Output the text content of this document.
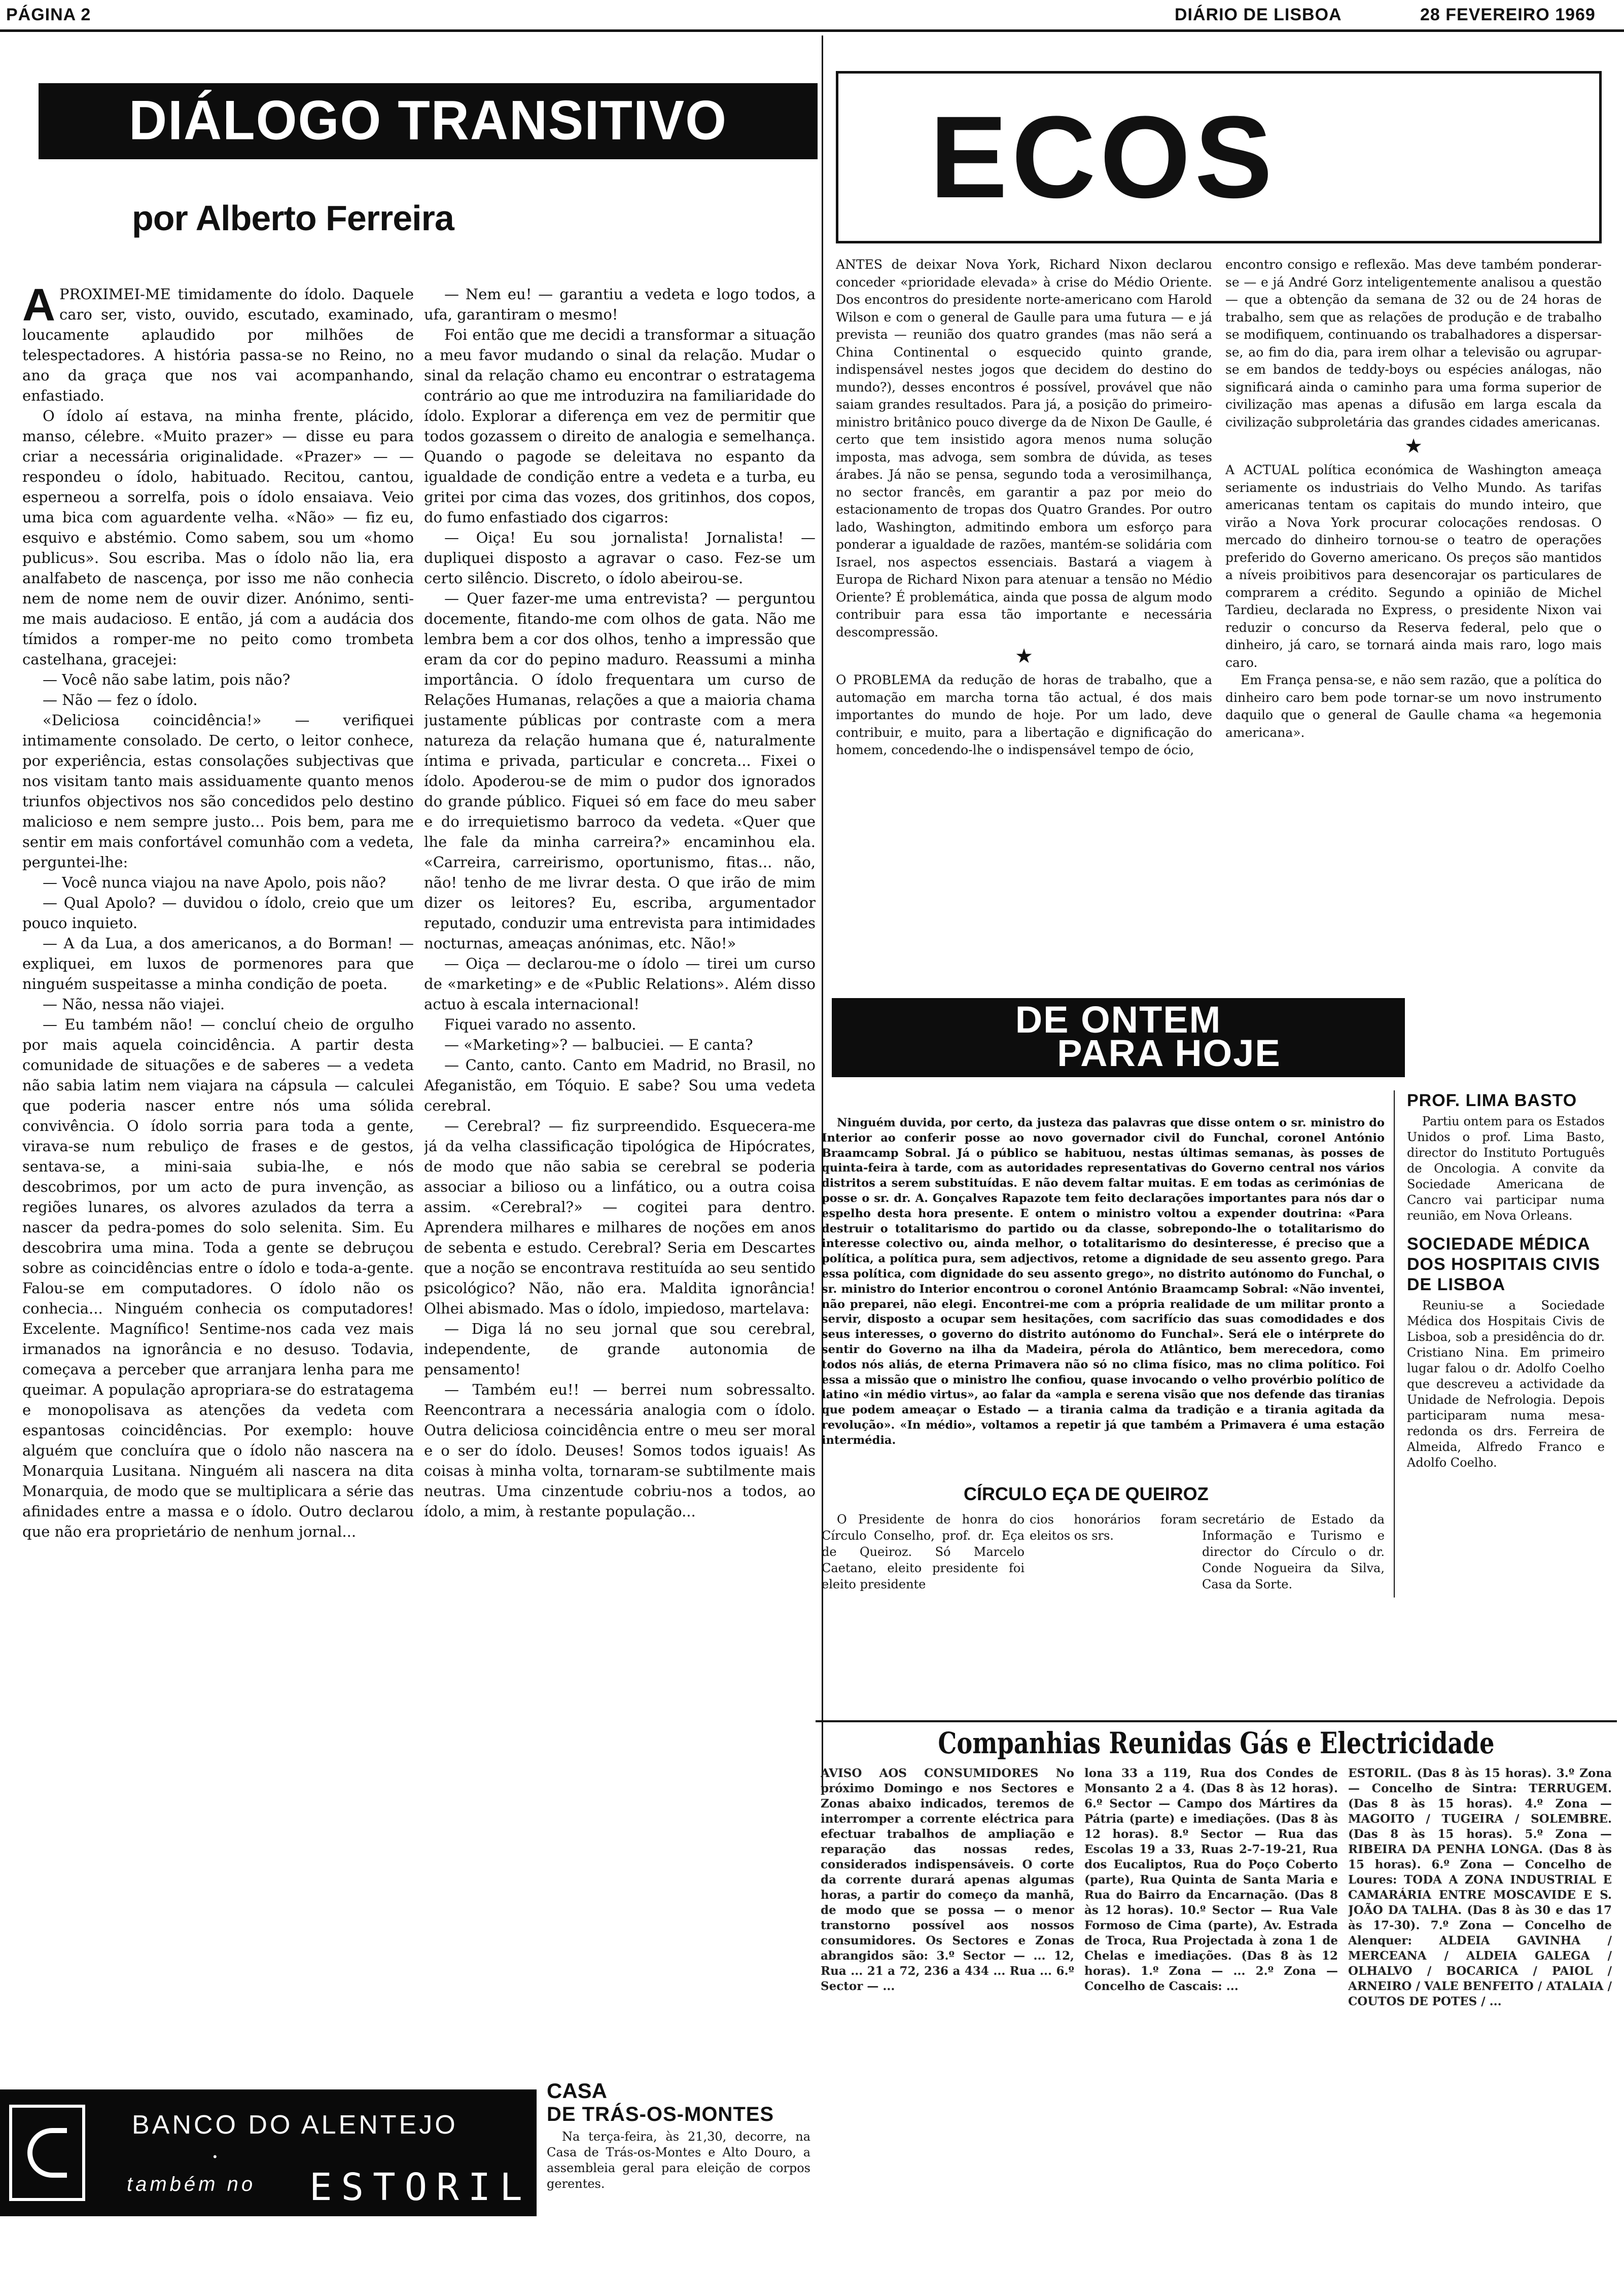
PÁGINA 2	DIÁRIO DE LISBOA	28 FEVEREIRO 1969
DIÁLOGO TRANSITIVO
por Alberto Ferreira

APROXIMEI-ME timidamente do ídolo. Daquele caro ser, visto, ouvido, escutado, examinado, loucamente aplaudido por milhões de telespectadores. A história passa-se no Reino, no ano da graça que nos vai acompanhando, enfastiado.

O ídolo aí estava, na minha frente, plácido, manso, célebre. «Muito prazer» — disse eu para criar a necessária originalidade. «Prazer» — — respondeu o ídolo, habituado. Recitou, cantou, esperneou a sorrelfa, pois o ídolo ensaiava. Veio uma bica com aguardente velha. «Não» — fiz eu, esquivo e abstémio. Como sabem, sou um «homo publicus». Sou escriba. Mas o ídolo não lia, era analfabeto de nascença, por isso me não conhecia nem de nome nem de ouvir dizer. Anónimo, senti-me mais audacioso. E então, já com a audácia dos tímidos a romper-me no peito como trombeta castelhana, gracejei:

— Você não sabe latim, pois não?

— Não — fez o ídolo.

«Deliciosa coincidência!» — verifiquei intimamente consolado. De certo, o leitor conhece, por experiência, estas consolações subjectivas que nos visitam tanto mais assiduamente quanto menos triunfos objectivos nos são concedidos pelo destino malicioso e nem sempre justo... Pois bem, para me sentir em mais confortável comunhão com a vedeta, perguntei-lhe:

— Você nunca viajou na nave Apolo, pois não?

— Qual Apolo? — duvidou o ídolo, creio que um pouco inquieto.

— A da Lua, a dos americanos, a do Borman! — expliquei, em luxos de pormenores para que ninguém suspeitasse a minha condição de poeta.

— Não, nessa não viajei.

— Eu também não! — concluí cheio de orgulho por mais aquela coincidência. A partir desta comunidade de situações e de saberes — a vedeta não sabia latim nem viajara na cápsula — calculei que poderia nascer entre nós uma sólida convivência. O ídolo sorria para toda a gente, virava-se num rebuliço de frases e de gestos, sentava-se, a mini-saia subia-lhe, e nós descobrimos, por um acto de pura invenção, as regiões lunares, os alvores azulados da terra a nascer da pedra-pomes do solo selenita. Sim. Eu descobrira uma mina. Toda a gente se debruçou sobre as coincidências entre o ídolo e toda-a-gente. Falou-se em computadores. O ídolo não os conhecia... Ninguém conhecia os computadores! Excelente. Magnífico! Sentime-nos cada vez mais irmanados na ignorância e no desuso. Todavia, começava a perceber que arranjara lenha para me queimar. A população apropriara-se do estratagema e monopolisava as atenções da vedeta com espantosas coincidências. Por exemplo: houve alguém que concluíra que o ídolo não nascera na Monarquia Lusitana. Ninguém ali nascera na dita Monarquia, de modo que se multiplicara a série das afinidades entre a massa e o ídolo. Outro declarou que não era proprietário de nenhum jornal...

— Nem eu! — garantiu a vedeta e logo todos, a ufa, garantiram o mesmo!

Foi então que me decidi a transformar a situação a meu favor mudando o sinal da relação. Mudar o sinal da relação chamo eu encontrar o estratagema contrário ao que me introduzira na familiaridade do ídolo. Explorar a diferença em vez de permitir que todos gozassem o direito de analogia e semelhança. Quando o pagode se deleitava no espanto da igualdade de condição entre a vedeta e a turba, eu gritei por cima das vozes, dos gritinhos, dos copos, do fumo enfastiado dos cigarros:

— Oiça! Eu sou jornalista! Jornalista! — dupliquei disposto a agravar o caso. Fez-se um certo silêncio. Discreto, o ídolo abeirou-se.

— Quer fazer-me uma entrevista? — perguntou docemente, fitando-me com olhos de gata. Não me lembra bem a cor dos olhos, tenho a impressão que eram da cor do pepino maduro. Reassumi a minha importância. O ídolo frequentara um curso de Relações Humanas, relações a que a maioria chama justamente públicas por contraste com a mera natureza da relação humana que é, naturalmente íntima e privada, particular e concreta... Fixei o ídolo. Apoderou-se de mim o pudor dos ignorados do grande público. Fiquei só em face do meu saber e do irrequietismo barroco da vedeta. «Quer que lhe fale da minha carreira?» encaminhou ela. «Carreira, carreirismo, oportunismo, fitas... não, não! tenho de me livrar desta. O que irão de mim dizer os leitores? Eu, escriba, argumentador reputado, conduzir uma entrevista para intimidades nocturnas, ameaças anónimas, etc. Não!»

— Oiça — declarou-me o ídolo — tirei um curso de «marketing» e de «Public Relations». Além disso actuo à escala internacional!

Fiquei varado no assento.

— «Marketing»? — balbuciei. — E canta?

— Canto, canto. Canto em Madrid, no Brasil, no Afeganistão, em Tóquio. E sabe? Sou uma vedeta cerebral.

— Cerebral? — fiz surpreendido. Esquecera-me já da velha classificação tipológica de Hipócrates, de modo que não sabia se cerebral se poderia associar a bilioso ou a linfático, ou a outra coisa assim. «Cerebral?» — cogitei para dentro. Aprendera milhares e milhares de noções em anos de sebenta e estudo. Cerebral? Seria em Descartes que a noção se encontrava restituída ao seu sentido psicológico? Não, não era. Maldita ignorância! Olhei abismado. Mas o ídolo, impiedoso, martelava:

— Diga lá no seu jornal que sou cerebral, independente, de grande autonomia de pensamento!

— Também eu!! — berrei num sobressalto. Reencontrara a necessária analogia com o ídolo. Outra deliciosa coincidência entre o meu ser moral e o ser do ídolo. Deuses! Somos todos iguais! As coisas à minha volta, tornaram-se subtilmente mais neutras. Uma cinzentude cobriu-nos a todos, ao ídolo, a mim, à restante população...

ECOS

ANTES de deixar Nova York, Richard Nixon declarou conceder «prioridade elevada» à crise do Médio Oriente. Dos encontros do presidente norte-americano com Harold Wilson e com o general de Gaulle para uma futura — e já prevista — reunião dos quatro grandes (mas não será a China Continental o esquecido quinto grande, indispensável nestes jogos que decidem do destino do mundo?), desses encontros é possível, provável que não saiam grandes resultados. Para já, a posição do primeiro-ministro britânico pouco diverge da de Nixon De Gaulle, é certo que tem insistido agora menos numa solução imposta, mas advoga, sem sombra de dúvida, as teses árabes. Já não se pensa, segundo toda a verosimilhança, no sector francês, em garantir a paz por meio do estacionamento de tropas dos Quatro Grandes. Por outro lado, Washington, admitindo embora um esforço para ponderar a igualdade de razões, mantém-se solidária com Israel, nos aspectos essenciais. Bastará a viagem à Europa de Richard Nixon para atenuar a tensão no Médio Oriente? É problemática, ainda que possa de algum modo contribuir para essa tão importante e necessária descompressão.

★

O PROBLEMA da redução de horas de trabalho, que a automação em marcha torna tão actual, é dos mais importantes do mundo de hoje. Por um lado, deve contribuir, e muito, para a libertação e dignificação do homem, concedendo-lhe o indispensável tempo de ócio,

encontro consigo e reflexão. Mas deve também ponderar-se — e já André Gorz inteligentemente analisou a questão — que a obtenção da semana de 32 ou de 24 horas de trabalho, sem que as relações de produção e de trabalho se modifiquem, continuando os trabalhadores a dispersar-se, ao fim do dia, para irem olhar a televisão ou agrupar-se em bandos de teddy-boys ou espécies análogas, não significará ainda o caminho para uma forma superior de civilização mas apenas a difusão em larga escala da civilização subproletária das grandes cidades americanas.

★

A ACTUAL política económica de Washington ameaça seriamente os industriais do Velho Mundo. As tarifas americanas tentam os capitais do mundo inteiro, que virão a Nova York procurar colocações rendosas. O mercado do dinheiro tornou-se o teatro de operações preferido do Governo americano. Os preços são mantidos a níveis proibitivos para desencorajar os particulares de comprarem a crédito. Segundo a opinião de Michel Tardieu, declarada no Express, o presidente Nixon vai reduzir o concurso da Reserva federal, pelo que o dinheiro, já caro, se tornará ainda mais raro, logo mais caro.

Em França pensa-se, e não sem razão, que a política do dinheiro caro bem pode tornar-se um novo instrumento daquilo que o general de Gaulle chama «a hegemonia americana».

DE ONTEM
PARA HOJE

Ninguém duvida, por certo, da justeza das palavras que disse ontem o sr. ministro do Interior ao conferir posse ao novo governador civil do Funchal, coronel António Braamcamp Sobral. Já o público se habituou, nestas últimas semanas, às posses de quinta-feira à tarde, com as autoridades representativas do Governo central nos vários distritos a serem substituídas. E não devem faltar muitas. E em todas as cerimónias de posse o sr. dr. A. Gonçalves Rapazote tem feito declarações importantes para nós dar o espelho desta hora presente. E ontem o ministro voltou a expender doutrina: «Para destruir o totalitarismo do partido ou da classe, sobrepondo-lhe o totalitarismo do interesse colectivo ou, ainda melhor, o totalitarismo do desinteresse, é preciso que a política, a política pura, sem adjectivos, retome a dignidade de seu assento grego. Para essa política, com dignidade do seu assento grego», no distrito autónomo do Funchal, o sr. ministro do Interior encontrou o coronel António Braamcamp Sobral: «Não inventei, não preparei, não elegi. Encontrei-me com a própria realidade de um militar pronto a servir, disposto a ocupar sem hesitações, com sacrifício das suas comodidades e dos seus interesses, o governo do distrito autónomo do Funchal». Será ele o intérprete do sentir do Governo na ilha da Madeira, pérola do Atlântico, bem merecedora, como todos nós aliás, de eterna Primavera não só no clima físico, mas no clima político. Foi essa a missão que o ministro lhe confiou, quase invocando o velho provérbio político de latino «in médio virtus», ao falar da «ampla e serena visão que nos defende das tiranias que podem ameaçar o Estado — a tirania calma da tradição e a tirania agitada da revolução». «In médio», voltamos a repetir já que também a Primavera é uma estação intermédia.

CÍRCULO EÇA DE QUEIROZ

O Presidente de honra do Círculo Conselho, prof. dr. Eça de Queiroz. Só Marcelo Caetano, eleito presidente foi eleito presidente

cios honorários foram eleitos os srs.

secretário de Estado da Informação e Turismo e director do Círculo o dr. Conde Nogueira da Silva, Casa da Sorte.

PROF. LIMA BASTO

Partiu ontem para os Estados Unidos o prof. Lima Basto, director do Instituto Português de Oncologia. A convite da Sociedade Americana de Cancro vai participar numa reunião, em Nova Orleans.

SOCIEDADE MÉDICA DOS HOSPITAIS CIVIS DE LISBOA

Reuniu-se a Sociedade Médica dos Hospitais Civis de Lisboa, sob a presidência do dr. Cristiano Nina. Em primeiro lugar falou o dr. Adolfo Coelho que descreveu a actividade da Unidade de Nefrologia. Depois participaram numa mesa-redonda os drs. Ferreira de Almeida, Alfredo Franco e Adolfo Coelho.

Companhias Reunidas Gás e Electricidade

AVISO AOS CONSUMIDORES No próximo Domingo e nos Sectores e Zonas abaixo indicados, teremos de interromper a corrente eléctrica para efectuar trabalhos de ampliação e reparação das nossas redes, considerados indispensáveis. O corte da corrente durará apenas algumas horas, a partir do começo da manhã, de modo que se possa — o menor transtorno possível aos nossos consumidores. Os Sectores e Zonas abrangidos são: 3.º Sector — ... 12, Rua ... 21 a 72, 236 a 434 ... Rua ... 6.º Sector — ...

lona 33 a 119, Rua dos Condes de Monsanto 2 a 4. (Das 8 às 12 horas). 6.º Sector — Campo dos Mártires da Pátria (parte) e imediações. (Das 8 às 12 horas). 8.º Sector — Rua das Escolas 19 a 33, Ruas 2-7-19-21, Rua dos Eucaliptos, Rua do Poço Coberto (parte), Rua Quinta de Santa Maria e Rua do Bairro da Encarnação. (Das 8 às 12 horas). 10.º Sector — Rua Vale Formoso de Cima (parte), Av. Estrada de Troca, Rua Projectada à zona 1 de Chelas e imediações. (Das 8 às 12 horas). 1.º Zona — ... 2.º Zona — Concelho de Cascais: ...

ESTORIL. (Das 8 às 15 horas). 3.º Zona — Concelho de Sintra: TERRUGEM. (Das 8 às 15 horas). 4.º Zona — MAGOITO / TUGEIRA / SOLEMBRE. (Das 8 às 15 horas). 5.º Zona — RIBEIRA DA PENHA LONGA. (Das 8 às 15 horas). 6.º Zona — Concelho de Loures: TODA A ZONA INDUSTRIAL E CAMARÁRIA ENTRE MOSCAVIDE E S. JOÃO DA TALHA. (Das 8 às 30 e das 17 às 17-30). 7.º Zona — Concelho de Alenquer: ALDEIA GAVINHA / MERCEANA / ALDEIA GALEGA / OLHALVO / BOCARICA / PAIOL / ARNEIRO / VALE BENFEITO / ATALAIA / COUTOS DE POTES / ...

BANCO DO ALENTEJO
•
também no ESTORIL
CASA
DE TRÁS-OS-MONTES

Na terça-feira, às 21,30, decorre, na Casa de Trás-os-Montes e Alto Douro, a assembleia geral para eleição de corpos gerentes.
